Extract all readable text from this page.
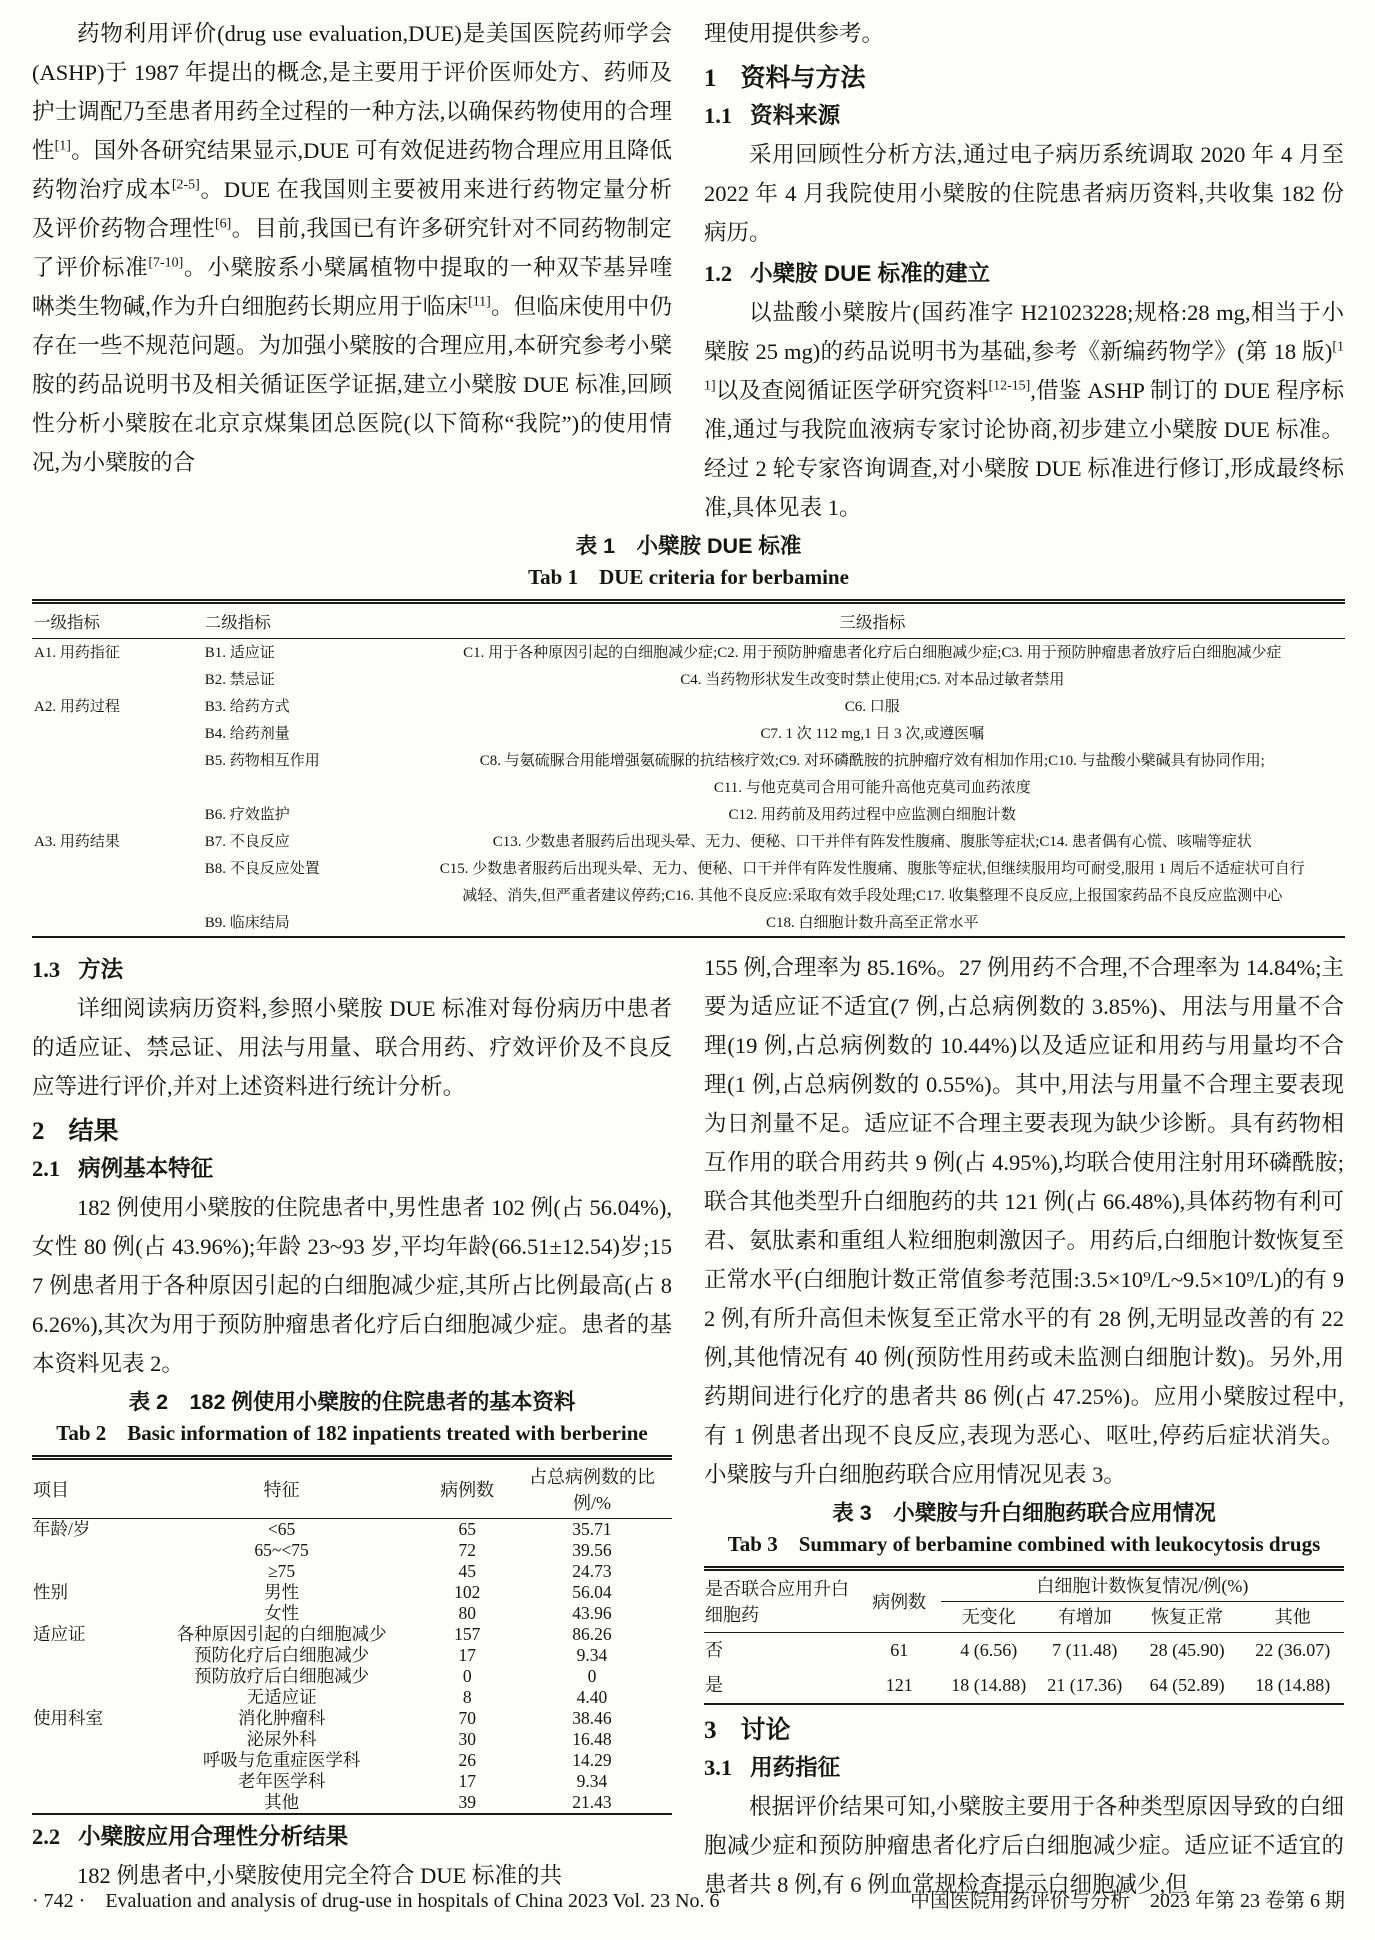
药物利用评价(drug use evaluation,DUE)是美国医院药师学会(ASHP)于 1987 年提出的概念,是主要用于评价医师处方、药师及护士调配乃至患者用药全过程的一种方法,以确保药物使用的合理性[1]。国外各研究结果显示,DUE 可有效促进药物合理应用且降低药物治疗成本[2-5]。DUE 在我国则主要被用来进行药物定量分析及评价药物合理性[6]。目前,我国已有许多研究针对不同药物制定了评价标准[7-10]。小檗胺系小檗属植物中提取的一种双苄基异喹啉类生物碱,作为升白细胞药长期应用于临床[11]。但临床使用中仍存在一些不规范问题。为加强小檗胺的合理应用,本研究参考小檗胺的药品说明书及相关循证医学证据,建立小檗胺 DUE 标准,回顾性分析小檗胺在北京京煤集团总医院(以下简称“我院”)的使用情况,为小檗胺的合

理使用提供参考。

1 资料与方法
1.1 资料来源

采用回顾性分析方法,通过电子病历系统调取 2020 年 4 月至 2022 年 4 月我院使用小檗胺的住院患者病历资料,共收集 182 份病历。

1.2 小檗胺 DUE 标准的建立

以盐酸小檗胺片(国药准字 H21023228;规格:28 mg,相当于小檗胺 25 mg)的药品说明书为基础,参考《新编药物学》(第 18 版)[11]以及查阅循证医学研究资料[12-15],借鉴 ASHP 制订的 DUE 程序标准,通过与我院血液病专家讨论协商,初步建立小檗胺 DUE 标准。经过 2 轮专家咨询调查,对小檗胺 DUE 标准进行修订,形成最终标准,具体见表 1。

表 1　小檗胺 DUE 标准
Tab 1　DUE criteria for berbamine
一级指标	二级指标	三级指标
A1. 用药指征	B1. 适应证	C1. 用于各种原因引起的白细胞减少症;C2. 用于预防肿瘤患者化疗后白细胞减少症;C3. 用于预防肿瘤患者放疗后白细胞减少症
	B2. 禁忌证	C4. 当药物形状发生改变时禁止使用;C5. 对本品过敏者禁用
A2. 用药过程	B3. 给药方式	C6. 口服
	B4. 给药剂量	C7. 1 次 112 mg,1 日 3 次,或遵医嘱
	B5. 药物相互作用	C8. 与氨硫脲合用能增强氨硫脲的抗结核疗效;C9. 对环磷酰胺的抗肿瘤疗效有相加作用;C10. 与盐酸小檗碱具有协同作用;
		C11. 与他克莫司合用可能升高他克莫司血药浓度
	B6. 疗效监护	C12. 用药前及用药过程中应监测白细胞计数
A3. 用药结果	B7. 不良反应	C13. 少数患者服药后出现头晕、无力、便秘、口干并伴有阵发性腹痛、腹胀等症状;C14. 患者偶有心慌、咳喘等症状
	B8. 不良反应处置	C15. 少数患者服药后出现头晕、无力、便秘、口干并伴有阵发性腹痛、腹胀等症状,但继续服用均可耐受,服用 1 周后不适症状可自行
		减轻、消失,但严重者建议停药;C16. 其他不良反应:采取有效手段处理;C17. 收集整理不良反应,上报国家药品不良反应监测中心
	B9. 临床结局	C18. 白细胞计数升高至正常水平
1.3 方法

详细阅读病历资料,参照小檗胺 DUE 标准对每份病历中患者的适应证、禁忌证、用法与用量、联合用药、疗效评价及不良反应等进行评价,并对上述资料进行统计分析。

2 结果
2.1 病例基本特征

182 例使用小檗胺的住院患者中,男性患者 102 例(占 56.04%),女性 80 例(占 43.96%);年龄 23~93 岁,平均年龄(66.51±12.54)岁;157 例患者用于各种原因引起的白细胞减少症,其所占比例最高(占 86.26%),其次为用于预防肿瘤患者化疗后白细胞减少症。患者的基本资料见表 2。

表 2　182 例使用小檗胺的住院患者的基本资料
Tab 2　Basic information of 182 inpatients treated with berberine
项目	特征	病例数	占总病例数的比例/%
年龄/岁	<65	65	35.71
	65~<75	72	39.56
	≥75	45	24.73
性别	男性	102	56.04
	女性	80	43.96
适应证	各种原因引起的白细胞减少	157	86.26
	预防化疗后白细胞减少	17	9.34
	预防放疗后白细胞减少	0	0
	无适应证	8	4.40
使用科室	消化肿瘤科	70	38.46
	泌尿外科	30	16.48
	呼吸与危重症医学科	26	14.29
	老年医学科	17	9.34
	其他	39	21.43
2.2 小檗胺应用合理性分析结果

182 例患者中,小檗胺使用完全符合 DUE 标准的共

155 例,合理率为 85.16%。27 例用药不合理,不合理率为 14.84%;主要为适应证不适宜(7 例,占总病例数的 3.85%)、用法与用量不合理(19 例,占总病例数的 10.44%)以及适应证和用药与用量均不合理(1 例,占总病例数的 0.55%)。其中,用法与用量不合理主要表现为日剂量不足。适应证不合理主要表现为缺少诊断。具有药物相互作用的联合用药共 9 例(占 4.95%),均联合使用注射用环磷酰胺;联合其他类型升白细胞药的共 121 例(占 66.48%),具体药物有利可君、氨肽素和重组人粒细胞刺激因子。用药后,白细胞计数恢复至正常水平(白细胞计数正常值参考范围:3.5×10⁹/L~9.5×10⁹/L)的有 92 例,有所升高但未恢复至正常水平的有 28 例,无明显改善的有 22 例,其他情况有 40 例(预防性用药或未监测白细胞计数)。另外,用药期间进行化疗的患者共 86 例(占 47.25%)。应用小檗胺过程中,有 1 例患者出现不良反应,表现为恶心、呕吐,停药后症状消失。小檗胺与升白细胞药联合应用情况见表 3。

表 3　小檗胺与升白细胞药联合应用情况
Tab 3　Summary of berbamine combined with leukocytosis drugs
是否联合应用升白细胞药	病例数	白细胞计数恢复情况/例(%)			
		无变化	有增加	恢复正常	其他
否	61	4 (6.56)	7 (11.48)	28 (45.90)	22 (36.07)
是	121	18 (14.88)	21 (17.36)	64 (52.89)	18 (14.88)
3 讨论
3.1 用药指征

根据评价结果可知,小檗胺主要用于各种类型原因导致的白细胞减少症和预防肿瘤患者化疗后白细胞减少症。适应证不适宜的患者共 8 例,有 6 例血常规检查提示白细胞减少,但

· 742 ·　Evaluation and analysis of drug-use in hospitals of China 2023 Vol. 23 No. 6	中国医院用药评价与分析　2023 年第 23 卷第 6 期
